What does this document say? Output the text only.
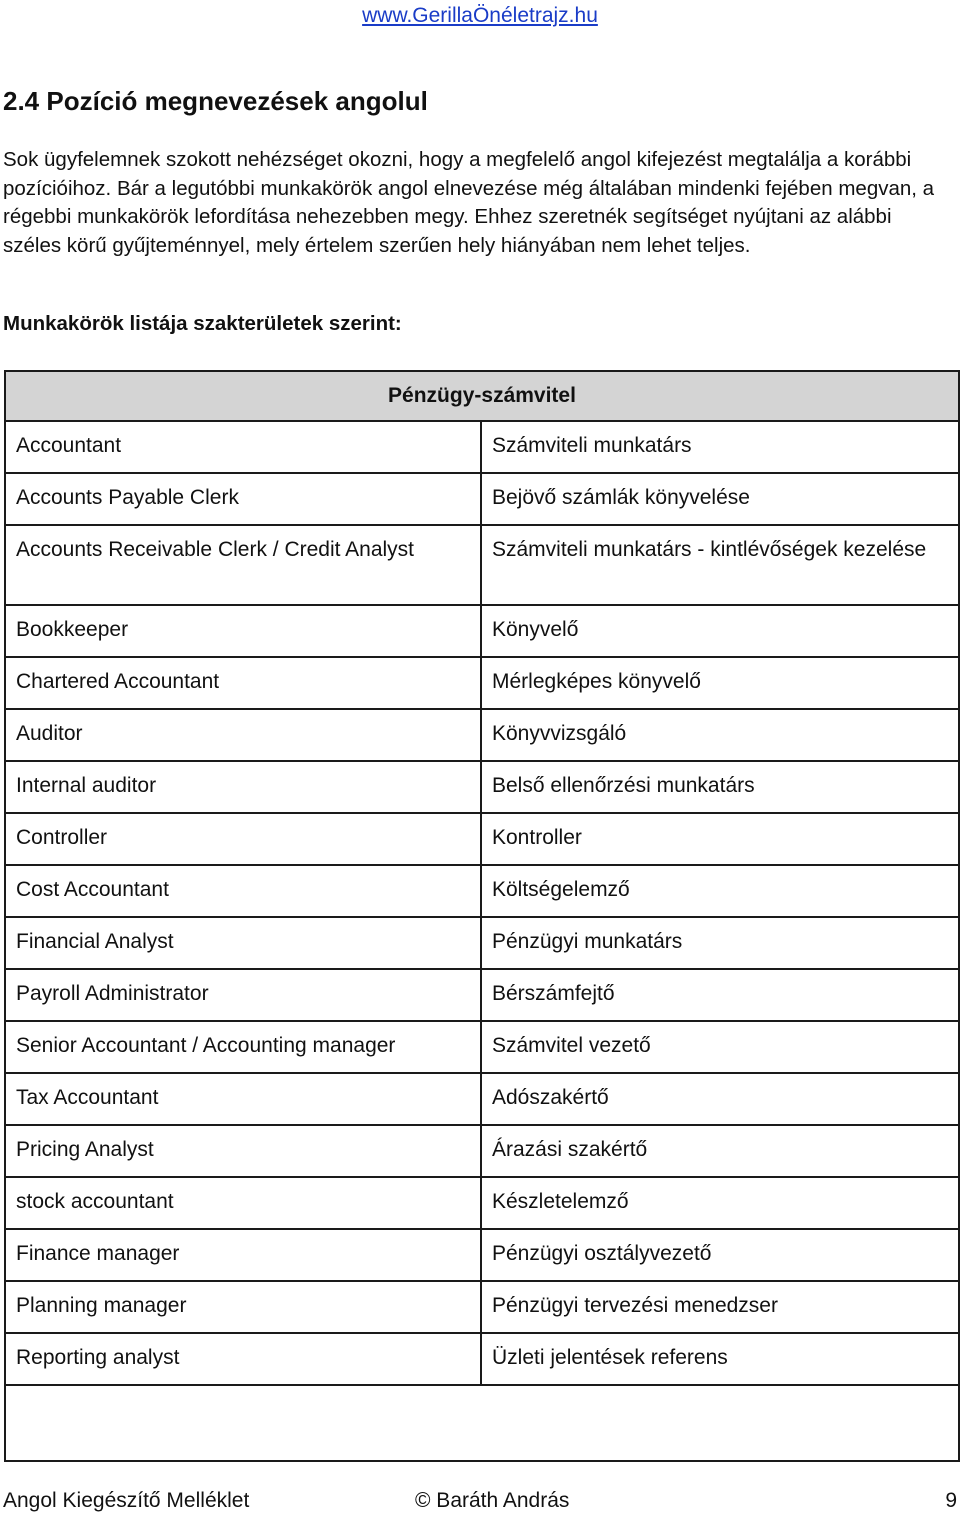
www.GerillaÖnéletrajz.hu
2.4 Pozíció megnevezések angolul

Sok ügyfelemnek szokott nehézséget okozni, hogy a megfelelő angol kifejezést megtalálja a korábbi pozícióihoz. Bár a legutóbbi munkakörök angol elnevezése még általában mindenki fejében megvan, a régebbi munkakörök lefordítása nehezebben megy. Ehhez szeretnék segítséget nyújtani az alábbi széles körű gyűjteménnyel, mely értelem szerűen hely hiányában nem lehet teljes.

Munkakörök listája szakterületek szerint:
Pénzügy-számvitel	
Accountant	Számviteli munkatárs
Accounts Payable Clerk	Bejövő számlák könyvelése
Accounts Receivable Clerk / Credit Analyst	Számviteli munkatárs - kintlévőségek kezelése
Bookkeeper	Könyvelő
Chartered Accountant	Mérlegképes könyvelő
Auditor	Könyvvizsgáló
Internal auditor	Belső ellenőrzési munkatárs
Controller	Kontroller
Cost Accountant	Költségelemző
Financial Analyst	Pénzügyi munkatárs
Payroll Administrator	Bérszámfejtő
Senior Accountant / Accounting manager	Számvitel vezető
Tax Accountant	Adószakértő
Pricing Analyst	Árazási szakértő
stock accountant	Készletelemző
Finance manager	Pénzügyi osztályvezető
Planning manager	Pénzügyi tervezési menedzser
Reporting analyst	Üzleti jelentések referens

Angol Kiegészítő Melléklet	© Baráth András	9
